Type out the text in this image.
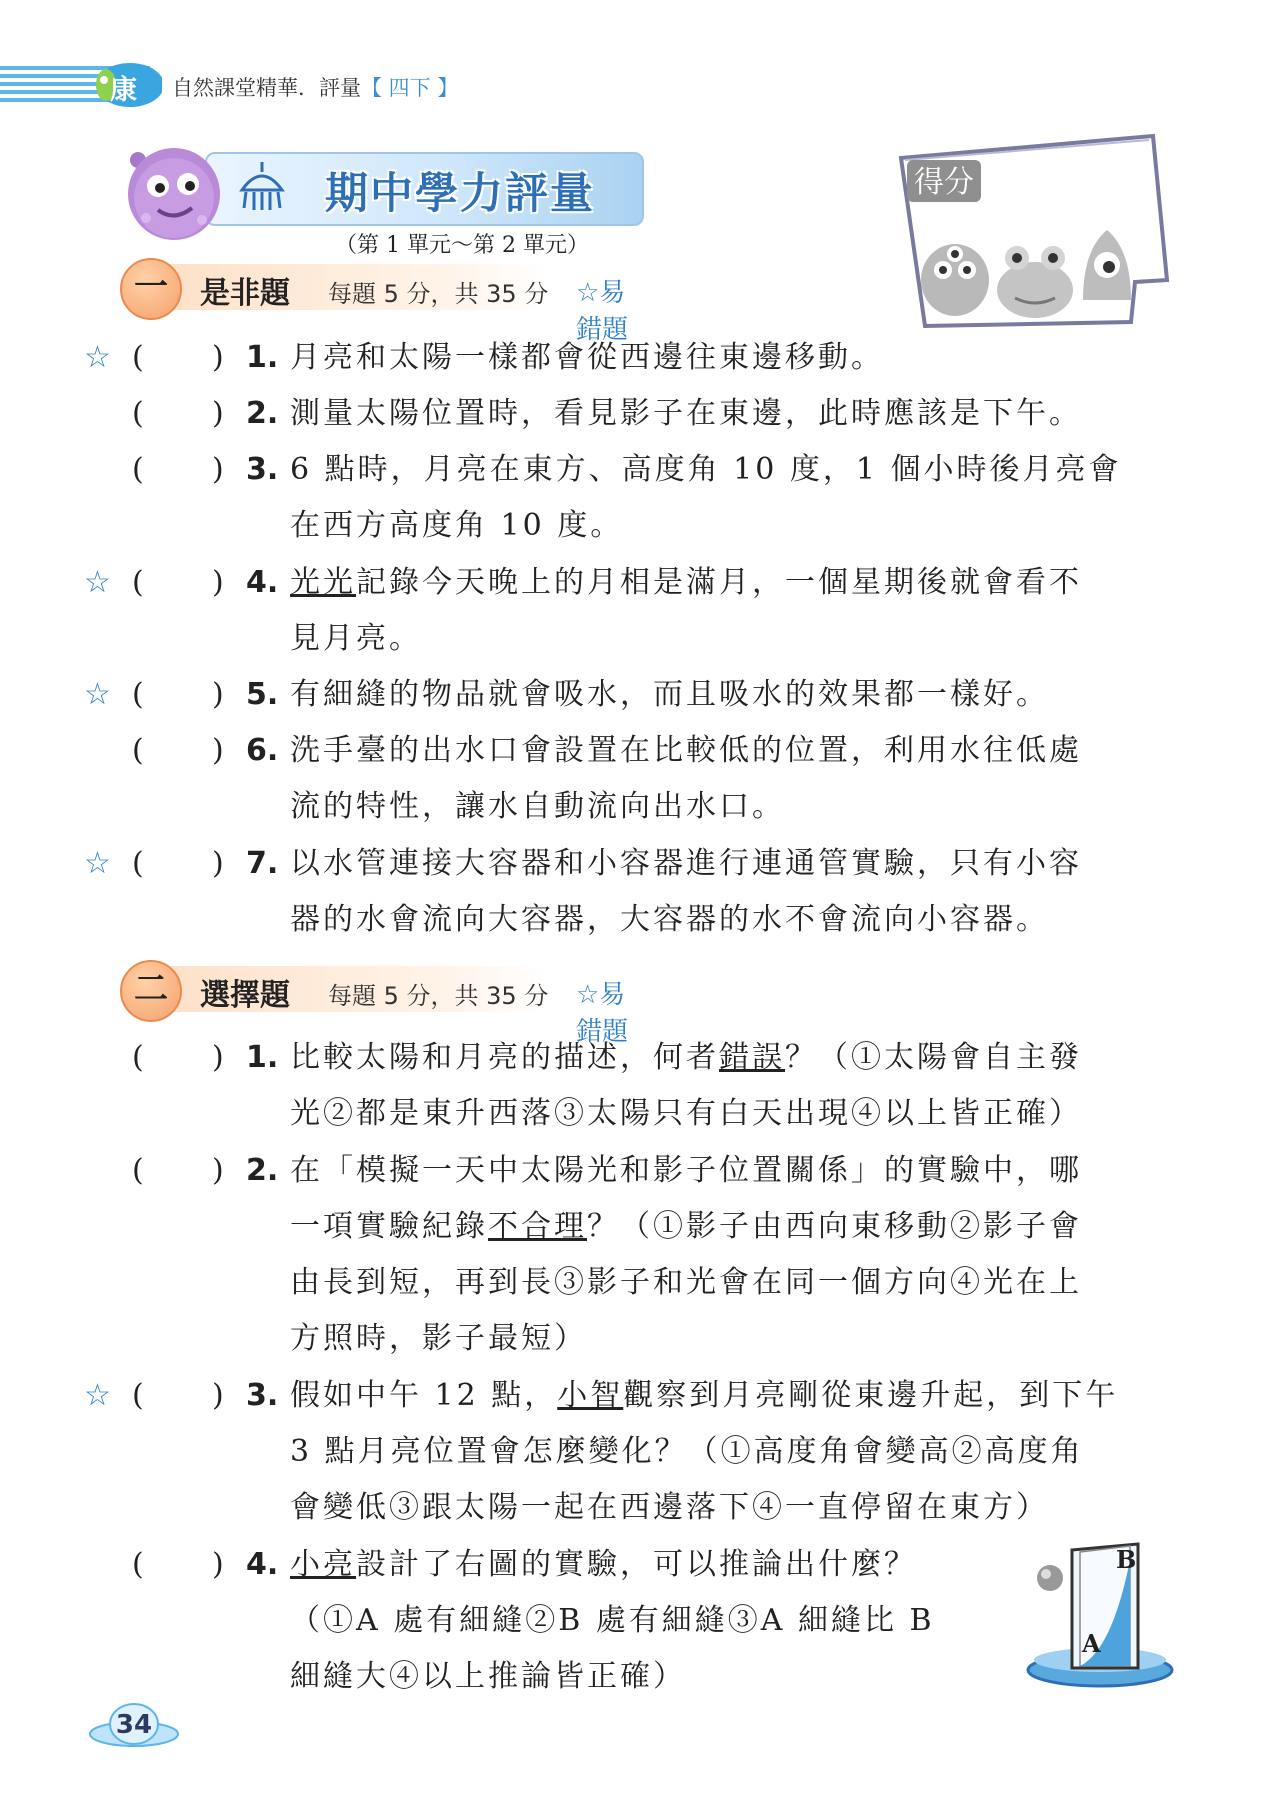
康 自然課堂精華．評量【 四下 】
期中學力評量
（第 1 單元～第 2 單元）
得分
一	是非題 每題 5 分，共 35 分 ☆易錯題
☆ ( ) 1. 月亮和太陽一樣都會從西邊往東邊移動。
( ) 2. 測量太陽位置時，看見影子在東邊，此時應該是下午。
( ) 3. 6 點時，月亮在東方、高度角 10 度，1 個小時後月亮會
在西方高度角 10 度。
☆ ( ) 4. 光光記錄今天晚上的月相是滿月，一個星期後就會看不
見月亮。
☆ ( ) 5. 有細縫的物品就會吸水，而且吸水的效果都一樣好。
( ) 6. 洗手臺的出水口會設置在比較低的位置，利用水往低處
流的特性，讓水自動流向出水口。
☆ ( ) 7. 以水管連接大容器和小容器進行連通管實驗，只有小容
器的水會流向大容器，大容器的水不會流向小容器。
二	選擇題 每題 5 分，共 35 分 ☆易錯題
( ) 1. 比較太陽和月亮的描述，何者錯誤？（①太陽會自主發
光②都是東升西落③太陽只有白天出現④以上皆正確）
( ) 2. 在「模擬一天中太陽光和影子位置關係」的實驗中，哪
一項實驗紀錄不合理？（①影子由西向東移動②影子會
由長到短，再到長③影子和光會在同一個方向④光在上
方照時，影子最短）
☆ ( ) 3. 假如中午 12 點，小智觀察到月亮剛從東邊升起，到下午
3 點月亮位置會怎麼變化？（①高度角會變高②高度角
會變低③跟太陽一起在西邊落下④一直停留在東方）
( ) 4. 小亮設計了右圖的實驗，可以推論出什麼？
（①A 處有細縫②B 處有細縫③A 細縫比 B
細縫大④以上推論皆正確）
B
A
34
